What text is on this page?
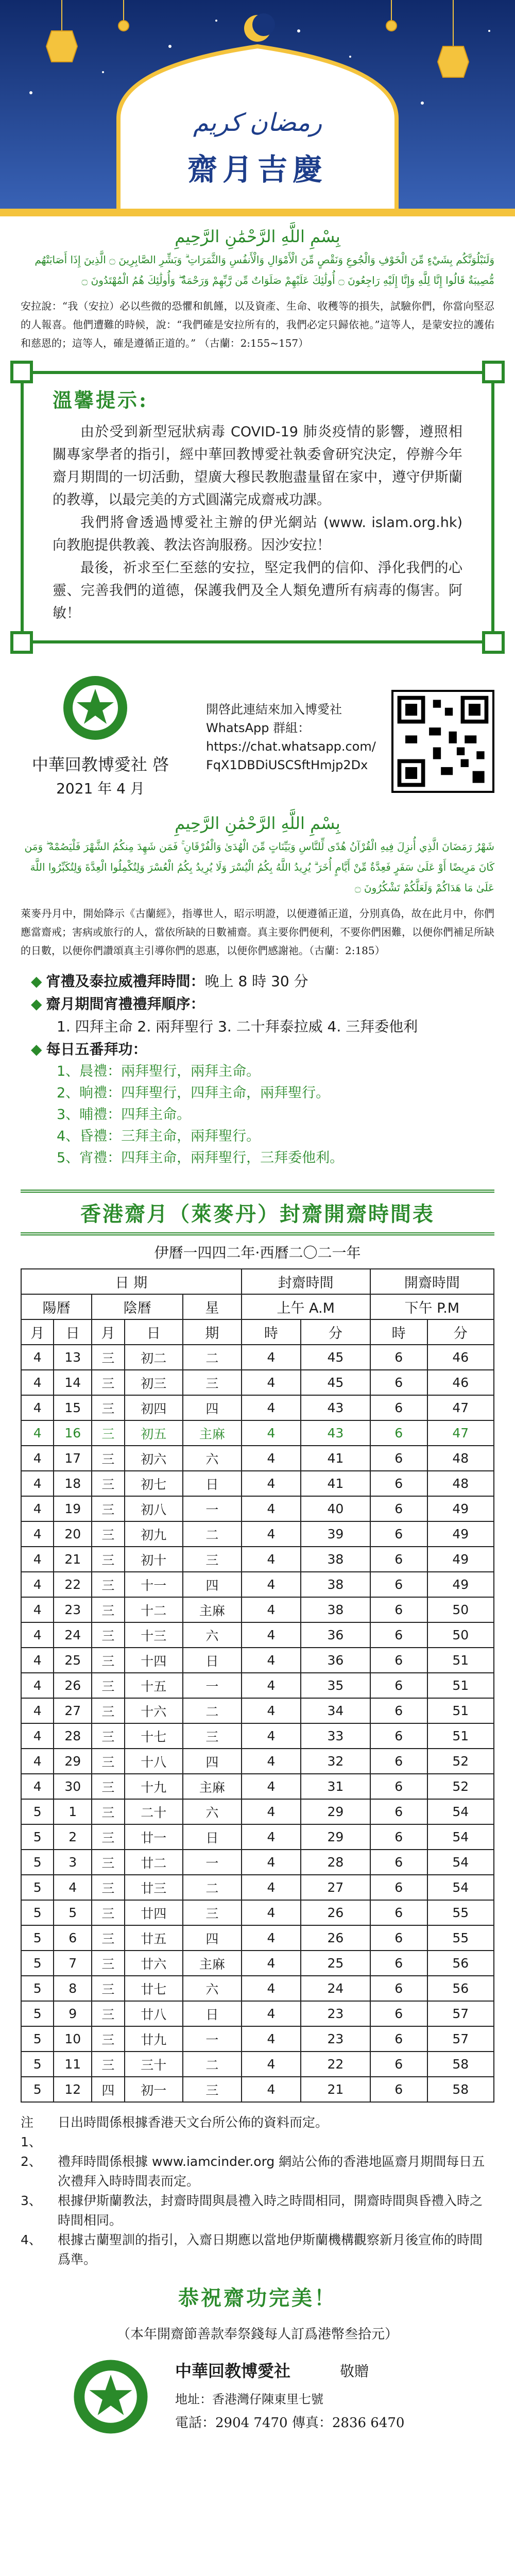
رمضان كريم
齋月吉慶
بِسْمِ اللَّهِ الرَّحْمَٰنِ الرَّحِيمِ
وَلَنَبْلُوَنَّكُم بِشَيْءٍ مِّنَ الْخَوْفِ وَالْجُوعِ وَنَقْصٍ مِّنَ الْأَمْوَالِ وَالْأَنفُسِ وَالثَّمَرَاتِ ۗ وَبَشِّرِ الصَّابِرِينَ ۝ الَّذِينَ إِذَا أَصَابَتْهُم مُّصِيبَةٌ قَالُوا إِنَّا لِلَّهِ وَإِنَّا إِلَيْهِ رَاجِعُونَ ۝ أُولَٰئِكَ عَلَيْهِمْ صَلَوَاتٌ مِّن رَّبِّهِمْ وَرَحْمَةٌ ۖ وَأُولَٰئِكَ هُمُ الْمُهْتَدُونَ ۝
安拉說：“我（安拉）必以些微的恐懼和飢饉，以及資產、生命、收穫等的損失，試驗你們，你當向堅忍的人報喜。他們遭難的時候，說：“我們確是安拉所有的，我們必定只歸依祂。”這等人，是蒙安拉的護佑和慈恩的；這等人，確是遵循正道的。” （古蘭：2:155~157）
溫馨提示:

由於受到新型冠狀病毒 COVID-19 肺炎疫情的影響，遵照相關專家學者的指引，經中華回教博愛社執委會研究決定，停辦今年齋月期間的一切活動，望廣大穆民教胞盡量留在家中，遵守伊斯蘭的教導，以最完美的方式圓滿完成齋戒功課。

我們將會透過博愛社主辦的伊光網站 (www. islam.org.hk) 向教胞提供教義、教法咨詢服務。因沙安拉！

最後，祈求至仁至慈的安拉，堅定我們的信仰、淨化我們的心靈、完善我們的道德，保護我們及全人類免遭所有病毒的傷害。阿敏！

中華回教博愛社 啓
2021 年 4 月
開啓此連結來加入博愛社
WhatsApp 群組：
https://chat.whatsapp.com/
FqX1DBDiUSCSftHmjp2Dx
بِسْمِ اللَّهِ الرَّحْمَٰنِ الرَّحِيمِ
شَهْرُ رَمَضَانَ الَّذِي أُنزِلَ فِيهِ الْقُرْآنُ هُدًى لِّلنَّاسِ وَبَيِّنَاتٍ مِّنَ الْهُدَىٰ وَالْفُرْقَانِ ۚ فَمَن شَهِدَ مِنكُمُ الشَّهْرَ فَلْيَصُمْهُ ۖ وَمَن كَانَ مَرِيضًا أَوْ عَلَىٰ سَفَرٍ فَعِدَّةٌ مِّنْ أَيَّامٍ أُخَرَ ۗ يُرِيدُ اللَّهُ بِكُمُ الْيُسْرَ وَلَا يُرِيدُ بِكُمُ الْعُسْرَ وَلِتُكْمِلُوا الْعِدَّةَ وَلِتُكَبِّرُوا اللَّهَ عَلَىٰ مَا هَدَاكُمْ وَلَعَلَّكُمْ تَشْكُرُونَ ۝
萊麥丹月中，開始降示《古蘭經》，指導世人，昭示明證，以便遵循正道，分別真偽，故在此月中，你們應當齋戒；害病或旅行的人，當依所缺的日數補齋。真主要你們便利，不要你們困難，以便你們補足所缺的日數，以便你們讚頌真主引導你們的恩惠，以便你們感謝祂。（古蘭：2:185）
◆ 宵禮及泰拉威禮拜時間：晚上 8 時 30 分
◆ 齋月期間宵禮禮拜順序：
1. 四拜主命 2. 兩拜聖行 3. 二十拜泰拉威 4. 三拜委他利
◆ 每日五番拜功：
1、晨禮：兩拜聖行，兩拜主命。
2、晌禮：四拜聖行，四拜主命，兩拜聖行。
3、晡禮：四拜主命。
4、昏禮：三拜主命，兩拜聖行。
5、宵禮：四拜主命，兩拜聖行，三拜委他利。
香港齋月（萊麥丹）封齋開齋時間表
伊曆一四四二年·西曆二〇二一年
日 期					封齋時間		開齋時間	
陽曆		陰曆		星	上午 A.M		下午 P.M	
月	日	月	日	期	時	分	時	分
4	13	三	初二	二	4	45	6	46
4	14	三	初三	三	4	45	6	46
4	15	三	初四	四	4	43	6	47
4	16	三	初五	主麻	4	43	6	47
4	17	三	初六	六	4	41	6	48
4	18	三	初七	日	4	41	6	48
4	19	三	初八	一	4	40	6	49
4	20	三	初九	二	4	39	6	49
4	21	三	初十	三	4	38	6	49
4	22	三	十一	四	4	38	6	49
4	23	三	十二	主麻	4	38	6	50
4	24	三	十三	六	4	36	6	50
4	25	三	十四	日	4	36	6	51
4	26	三	十五	一	4	35	6	51
4	27	三	十六	二	4	34	6	51
4	28	三	十七	三	4	33	6	51
4	29	三	十八	四	4	32	6	52
4	30	三	十九	主麻	4	31	6	52
5	1	三	二十	六	4	29	6	54
5	2	三	廿一	日	4	29	6	54
5	3	三	廿二	一	4	28	6	54
5	4	三	廿三	二	4	27	6	54
5	5	三	廿四	三	4	26	6	55
5	6	三	廿五	四	4	26	6	55
5	7	三	廿六	主麻	4	25	6	56
5	8	三	廿七	六	4	24	6	56
5	9	三	廿八	日	4	23	6	57
5	10	三	廿九	一	4	23	6	57
5	11	三	三十	二	4	22	6	58
5	12	四	初一	三	4	21	6	58
注 1、
日出時間係根據香港天文台所公佈的資料而定。
2、	禮拜時間係根據 www.iamcinder.org 網站公佈的香港地區齋月期間每日五次禮拜入時時間表而定。
3、	根據伊斯蘭教法，封齋時間與晨禮入時之時間相同，開齋時間與昏禮入時之時間相同。
4、	根據古蘭聖訓的指引，入齋日期應以當地伊斯蘭機構觀察新月後宣佈的時間爲準。
恭祝齋功完美！
（本年開齋節善款奉祭錢每人訂爲港幣叁拾元）
中華回教博愛社	敬贈
地址：香港灣仔陳東里七號
電話：2904 7470 傳真：2836 6470
